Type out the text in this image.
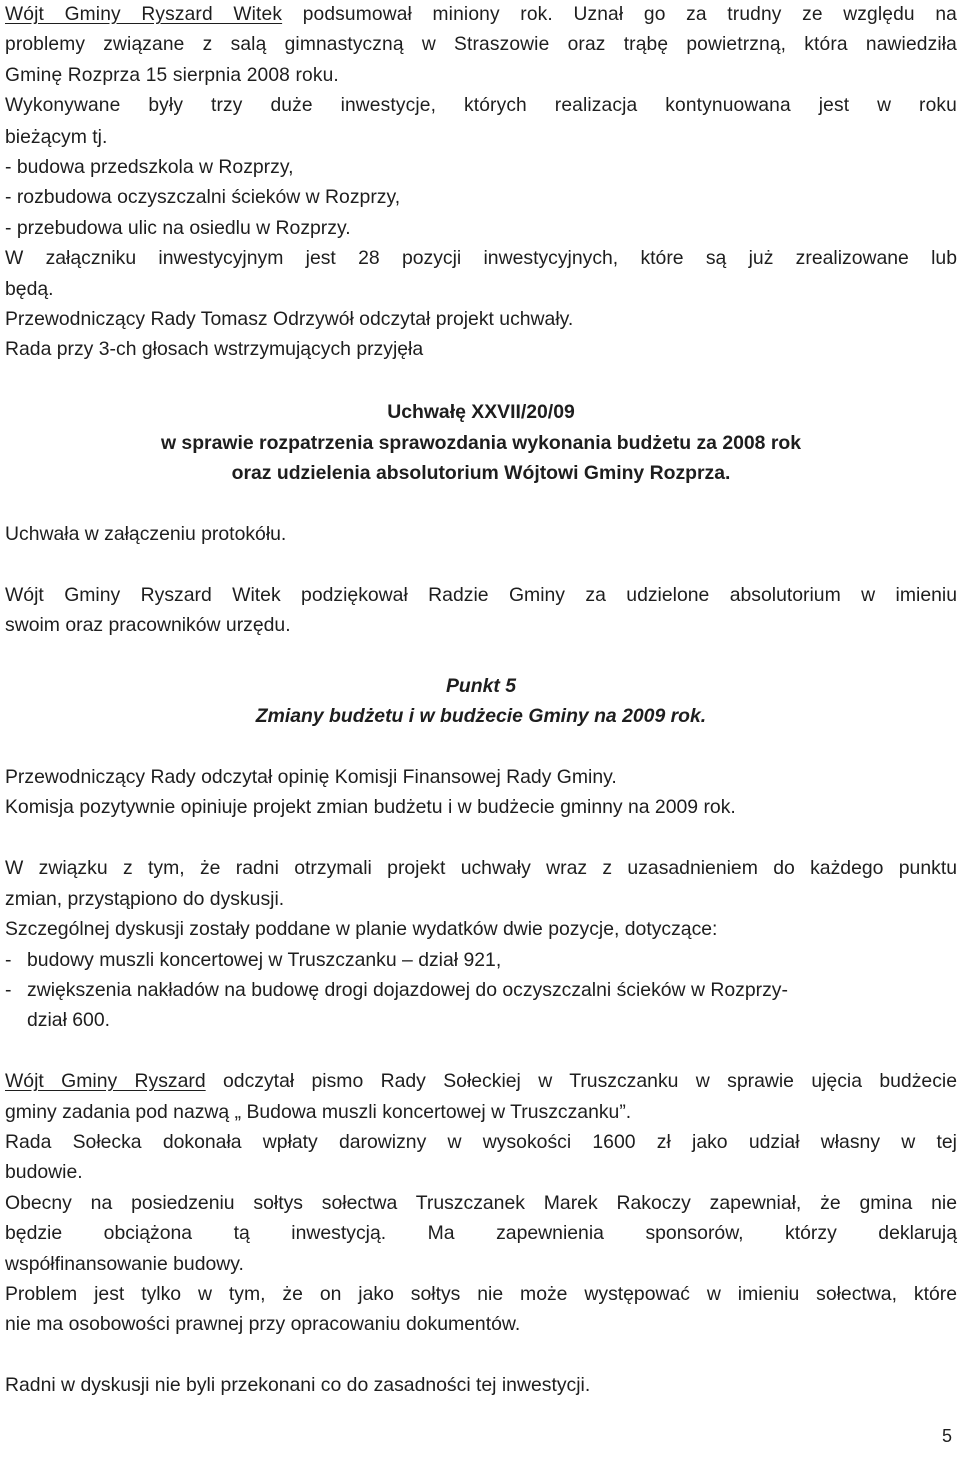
Wójt Gminy Ryszard Witek podsumował miniony rok. Uznał go za trudny ze względu na

problemy związane z salą gimnastyczną w Straszowie oraz trąbę powietrzną, która nawiedziła

Gminę Rozprza 15 sierpnia 2008 roku.

Wykonywane były trzy duże inwestycje, których realizacja kontynuowana jest w roku

bieżącym tj.

- budowa przedszkola w Rozprzy,

- rozbudowa oczyszczalni ścieków w Rozprzy,

- przebudowa ulic na osiedlu w Rozprzy.

W załączniku inwestycyjnym jest 28 pozycji inwestycyjnych, które są już zrealizowane lub

będą.

Przewodniczący Rady Tomasz Odrzywół odczytał projekt uchwały.

Rada przy 3-ch głosach wstrzymujących przyjęła

Uchwałę XXVII/20/09

w sprawie rozpatrzenia sprawozdania wykonania budżetu za 2008 rok

oraz udzielenia absolutorium Wójtowi Gminy Rozprza.

Uchwała w załączeniu protokółu.

Wójt Gminy Ryszard Witek podziękował Radzie Gminy za udzielone absolutorium w imieniu

swoim oraz pracowników urzędu.

Punkt 5

Zmiany budżetu i w budżecie Gminy na 2009 rok.

Przewodniczący Rady odczytał opinię Komisji Finansowej Rady Gminy.

Komisja pozytywnie opiniuje projekt zmian budżetu i w budżecie gminny na 2009 rok.

W związku z tym, że radni otrzymali projekt uchwały wraz z uzasadnieniem do każdego punktu

zmian, przystąpiono do dyskusji.

Szczególnej dyskusji zostały poddane w planie wydatków dwie pozycje, dotyczące:

- budowy muszli koncertowej w Truszczanku – dział 921,

- zwiększenia nakładów na budowę drogi dojazdowej do oczyszczalni ścieków w Rozprzy-

dział 600.

Wójt Gminy Ryszard odczytał pismo Rady Sołeckiej w Truszczanku w sprawie ujęcia budżecie

gminy zadania pod nazwą „ Budowa muszli koncertowej w Truszczanku”.

Rada Sołecka dokonała wpłaty darowizny w wysokości 1600 zł jako udział własny w tej

budowie.

Obecny na posiedzeniu sołtys sołectwa Truszczanek Marek Rakoczy zapewniał, że gmina nie

będzie obciążona tą inwestycją. Ma zapewnienia sponsorów, którzy deklarują

współfinansowanie budowy.

Problem jest tylko w tym, że on jako sołtys nie może występować w imieniu sołectwa, które

nie ma osobowości prawnej przy opracowaniu dokumentów.

Radni w dyskusji nie byli przekonani co do zasadności tej inwestycji.

5
